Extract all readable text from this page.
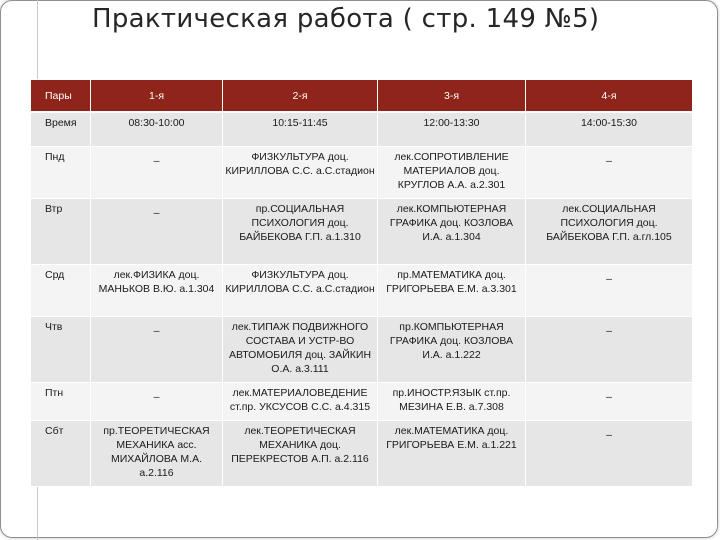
Практическая работа ( стр. 149 №5)
Пары	1-я	2-я	3-я	4-я
Время	08:30-10:00	10:15-11:45	12:00-13:30	14:00-15:30
Пнд	–	ФИЗКУЛЬТУРА доц. КИРИЛЛОВА С.С. а.С.стадион	лек.СОПРОТИВЛЕНИЕ МАТЕРИАЛОВ доц. КРУГЛОВ А.А. а.2.301	–
Втр	–	пр.СОЦИАЛЬНАЯ ПСИХОЛОГИЯ доц. БАЙБЕКОВА Г.П. а.1.310	лек.КОМПЬЮТЕРНАЯ ГРАФИКА доц. КОЗЛОВА И.А. а.1.304	лек.СОЦИАЛЬНАЯ ПСИХОЛОГИЯ доц. БАЙБЕКОВА Г.П. а.гл.105
Срд	лек.ФИЗИКА доц. МАНЬКОВ В.Ю. а.1.304	ФИЗКУЛЬТУРА доц. КИРИЛЛОВА С.С. а.С.стадион	пр.МАТЕМАТИКА доц. ГРИГОРЬЕВА Е.М. а.3.301	–
Чтв	–	лек.ТИПАЖ ПОДВИЖНОГО СОСТАВА И УСТР-ВО АВТОМОБИЛЯ доц. ЗАЙКИН О.А. а.3.111	пр.КОМПЬЮТЕРНАЯ ГРАФИКА доц. КОЗЛОВА И.А. а.1.222	–
Птн	–	лек.МАТЕРИАЛОВЕДЕНИЕ ст.пр. УКСУСОВ С.С. а.4.315	пр.ИНОСТР.ЯЗЫК ст.пр. МЕЗИНА Е.В. а.7.308	–
Сбт	пр.ТЕОРЕТИЧЕСКАЯ МЕХАНИКА асс. МИХАЙЛОВА М.А. а.2.116	лек.ТЕОРЕТИЧЕСКАЯ МЕХАНИКА доц. ПЕРЕКРЕСТОВ А.П. а.2.116	лек.МАТЕМАТИКА доц. ГРИГОРЬЕВА Е.М. а.1.221	–
